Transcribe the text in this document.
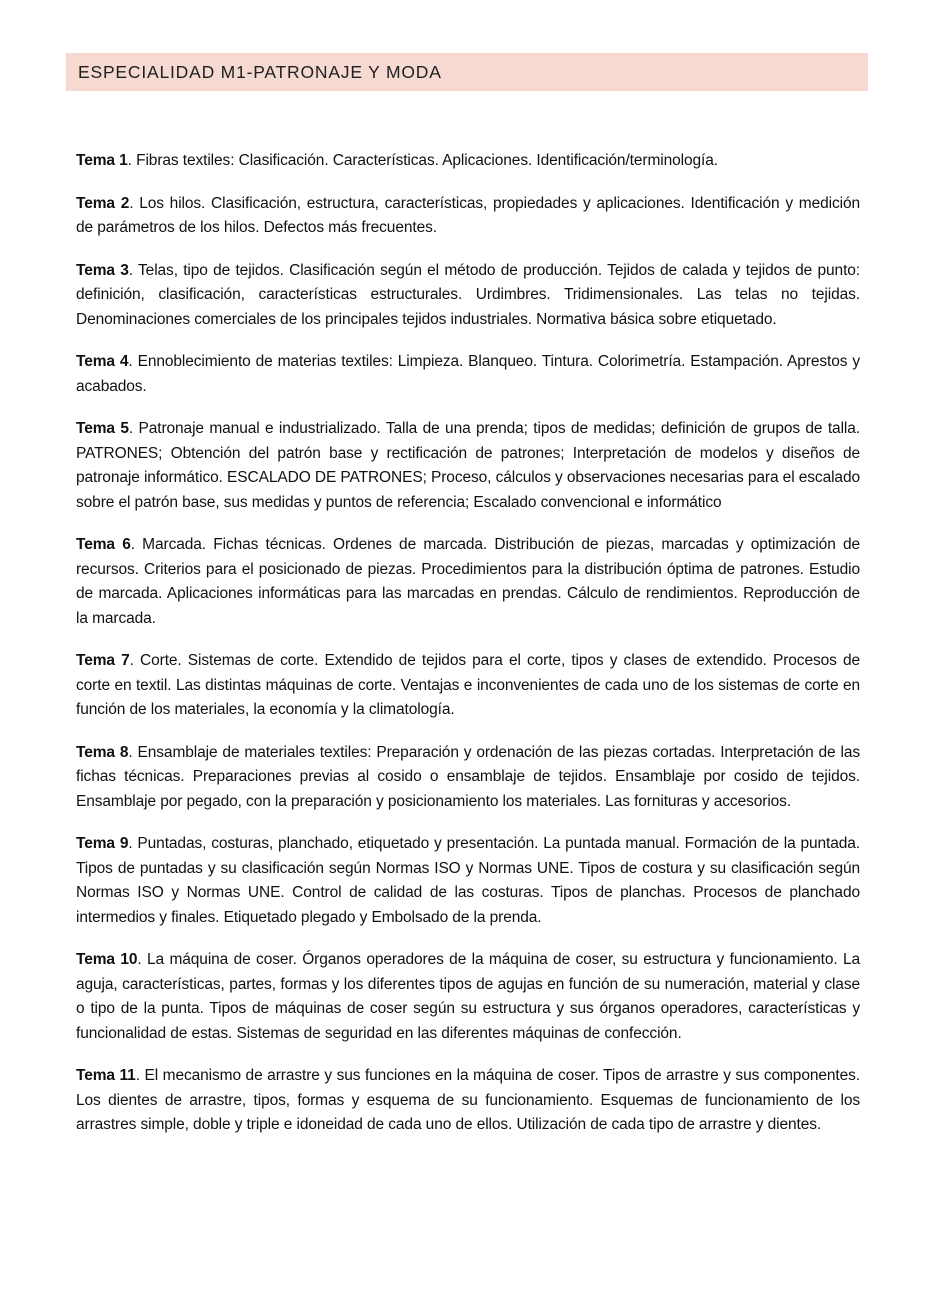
ESPECIALIDAD M1-PATRONAJE Y MODA

Tema 1. Fibras textiles: Clasificación. Características. Aplicaciones. Identificación/terminología.

Tema 2. Los hilos. Clasificación, estructura, características, propiedades y aplicaciones. Identificación y medición de parámetros de los hilos. Defectos más frecuentes.

Tema 3. Telas, tipo de tejidos. Clasificación según el método de producción. Tejidos de calada y tejidos de punto: definición, clasificación, características estructurales. Urdimbres. Tridimensionales. Las telas no tejidas. Denominaciones comerciales de los principales tejidos industriales. Normativa básica sobre etiquetado.

Tema 4. Ennoblecimiento de materias textiles: Limpieza. Blanqueo. Tintura. Colorimetría. Estampación. Aprestos y acabados.

Tema 5. Patronaje manual e industrializado. Talla de una prenda; tipos de medidas; definición de grupos de talla. PATRONES; Obtención del patrón base y rectificación de patrones; Interpretación de modelos y diseños de patronaje informático. ESCALADO DE PATRONES; Proceso, cálculos y observaciones necesarias para el escalado sobre el patrón base, sus medidas y puntos de referencia; Escalado convencional e informático

Tema 6. Marcada. Fichas técnicas. Ordenes de marcada. Distribución de piezas, marcadas y optimización de recursos. Criterios para el posicionado de piezas. Procedimientos para la distribución óptima de patrones. Estudio de marcada. Aplicaciones informáticas para las marcadas en prendas. Cálculo de rendimientos. Reproducción de la marcada.

Tema 7. Corte. Sistemas de corte. Extendido de tejidos para el corte, tipos y clases de extendido. Procesos de corte en textil. Las distintas máquinas de corte. Ventajas e inconvenientes de cada uno de los sistemas de corte en función de los materiales, la economía y la climatología.

Tema 8. Ensamblaje de materiales textiles: Preparación y ordenación de las piezas cortadas. Interpretación de las fichas técnicas. Preparaciones previas al cosido o ensamblaje de tejidos. Ensamblaje por cosido de tejidos. Ensamblaje por pegado, con la preparación y posicionamiento los materiales. Las fornituras y accesorios.

Tema 9. Puntadas, costuras, planchado, etiquetado y presentación. La puntada manual. Formación de la puntada. Tipos de puntadas y su clasificación según Normas ISO y Normas UNE. Tipos de costura y su clasificación según Normas ISO y Normas UNE. Control de calidad de las costuras. Tipos de planchas. Procesos de planchado intermedios y finales. Etiquetado plegado y Embolsado de la prenda.

Tema 10. La máquina de coser. Órganos operadores de la máquina de coser, su estructura y funcionamiento. La aguja, características, partes, formas y los diferentes tipos de agujas en función de su numeración, material y clase o tipo de la punta. Tipos de máquinas de coser según su estructura y sus órganos operadores, características y funcionalidad de estas. Sistemas de seguridad en las diferentes máquinas de confección.

Tema 11. El mecanismo de arrastre y sus funciones en la máquina de coser. Tipos de arrastre y sus componentes. Los dientes de arrastre, tipos, formas y esquema de su funcionamiento. Esquemas de funcionamiento de los arrastres simple, doble y triple e idoneidad de cada uno de ellos. Utilización de cada tipo de arrastre y dientes.
